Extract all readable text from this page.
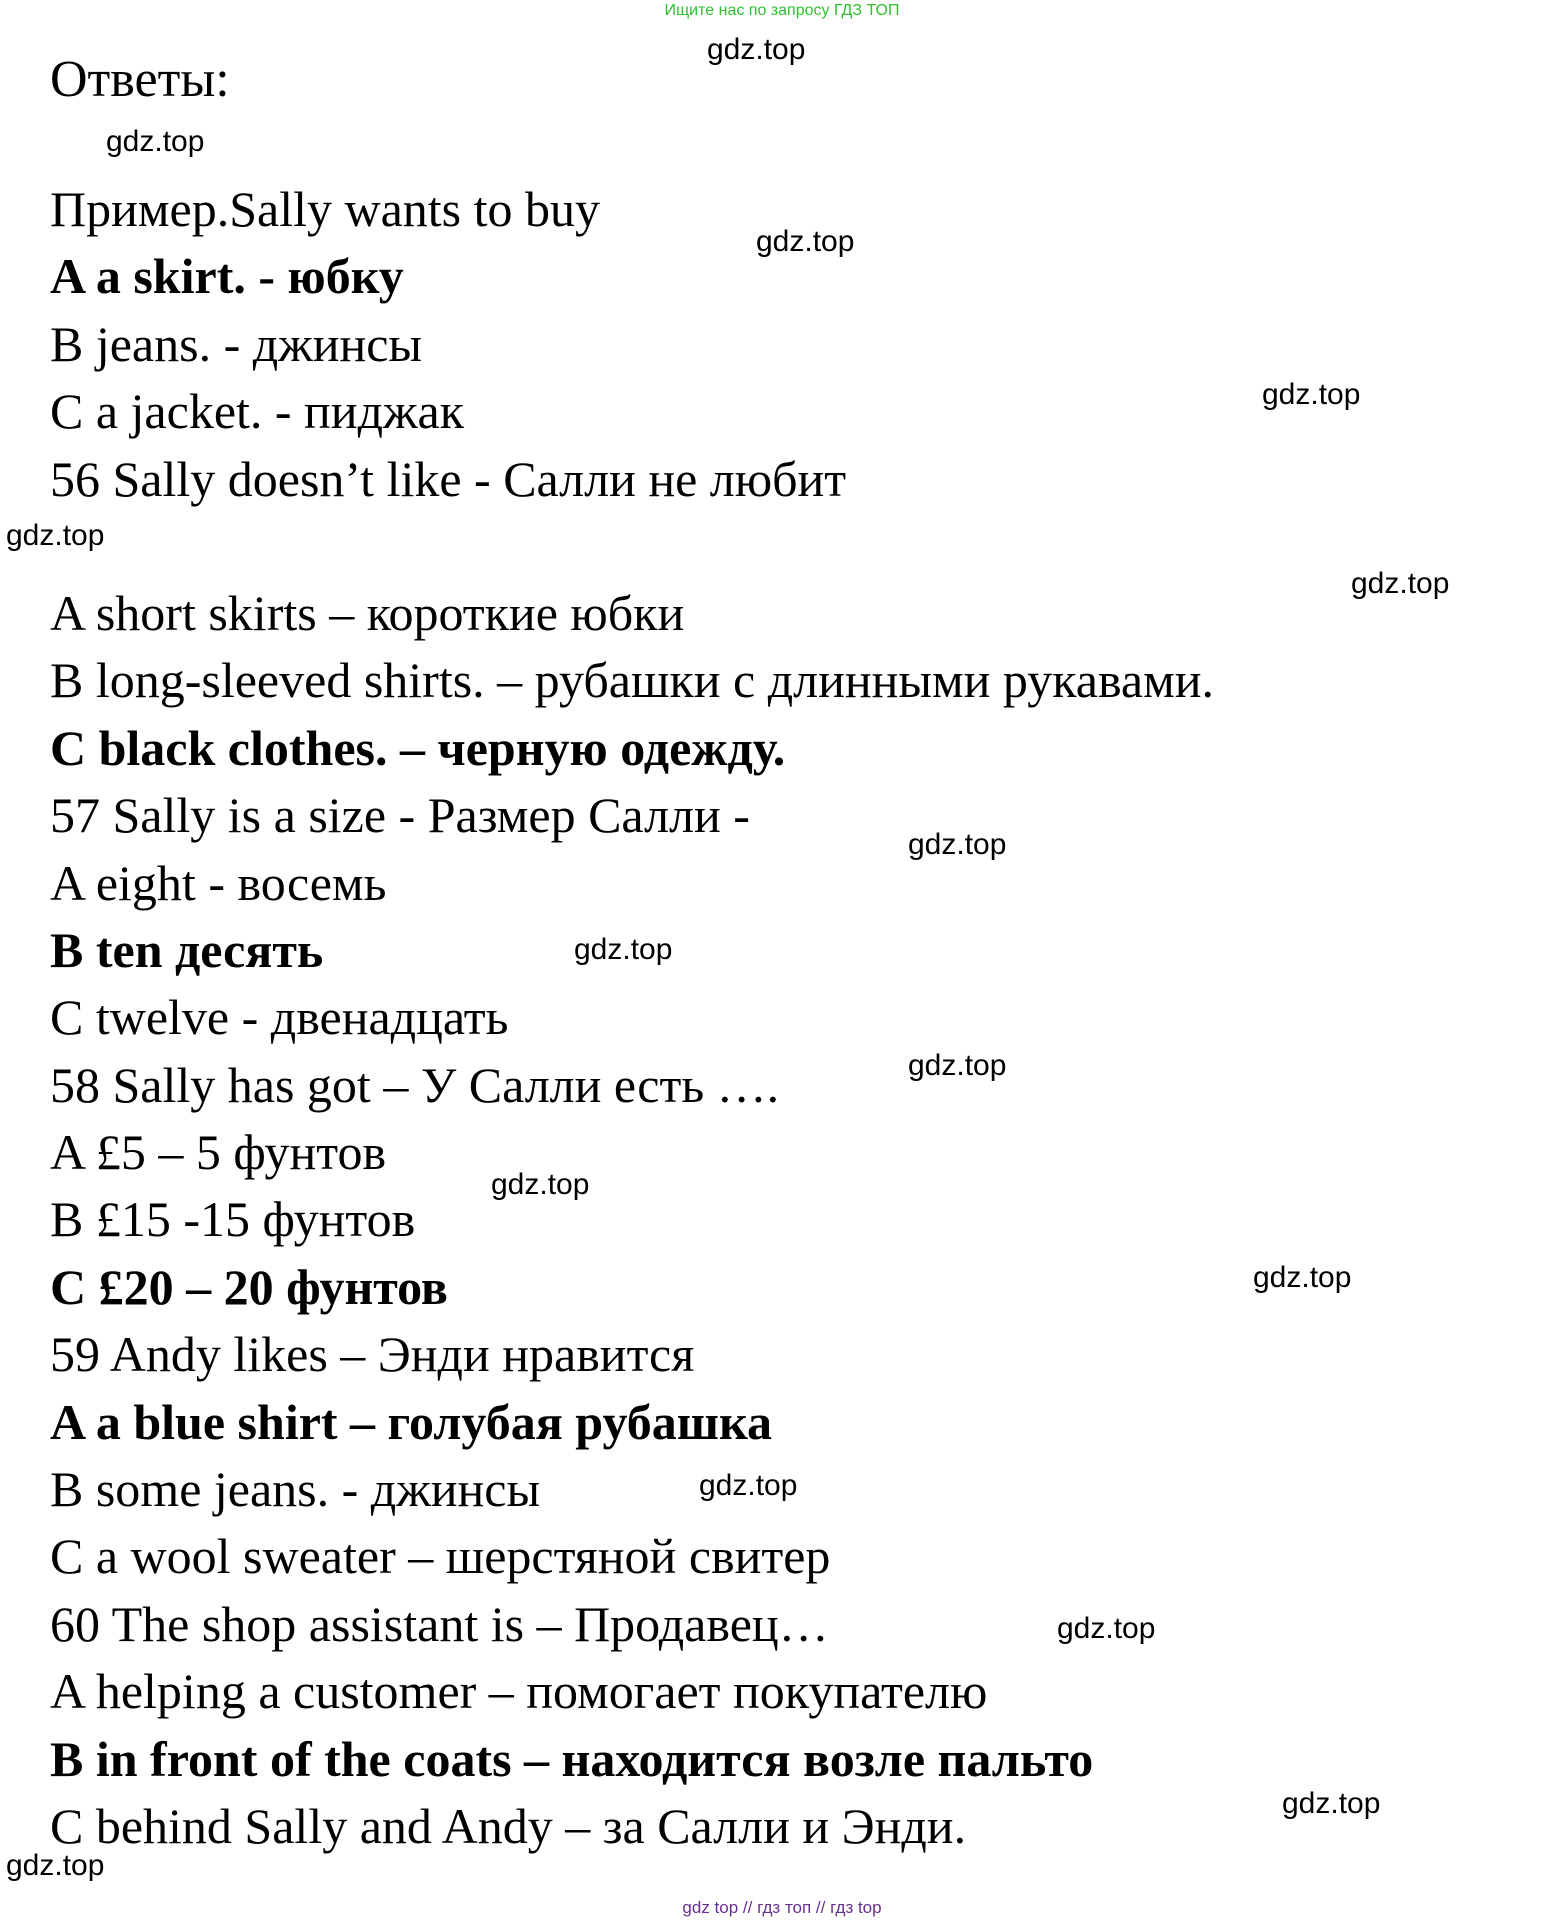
Ищите нас по запросу ГДЗ ТОП
Ответы:
Пример.Sally wants to buy
A a skirt. - юбку
B jeans. - джинсы
C a jacket. - пиджак
56 Sally doesn’t like - Салли не любит
A short skirts – короткие юбки
B long-sleeved shirts. – рубашки с длинными рукавами.
C black clothes. – черную одежду.
57 Sally is a size - Размер Салли -
A eight - восемь
B ten десять
C twelve - двенадцать
58 Sally has got – У Салли есть ….
A £5 – 5 фунтов
B £15 -15 фунтов
C £20 – 20 фунтов
59 Andy likes – Энди нравится
A a blue shirt – голубая рубашка
B some jeans. - джинсы
C a wool sweater – шерстяной свитер
60 The shop assistant is – Продавец…
A helping a customer – помогает покупателю
B in front of the coats – находится возле пальто
C behind Sally and Andy – за Салли и Энди.
gdz.top
gdz.top
gdz.top
gdz.top
gdz.top
gdz.top
gdz.top
gdz.top
gdz.top
gdz.top
gdz.top
gdz.top
gdz.top
gdz.top
gdz.top
gdz top // гдз топ // гдз top
